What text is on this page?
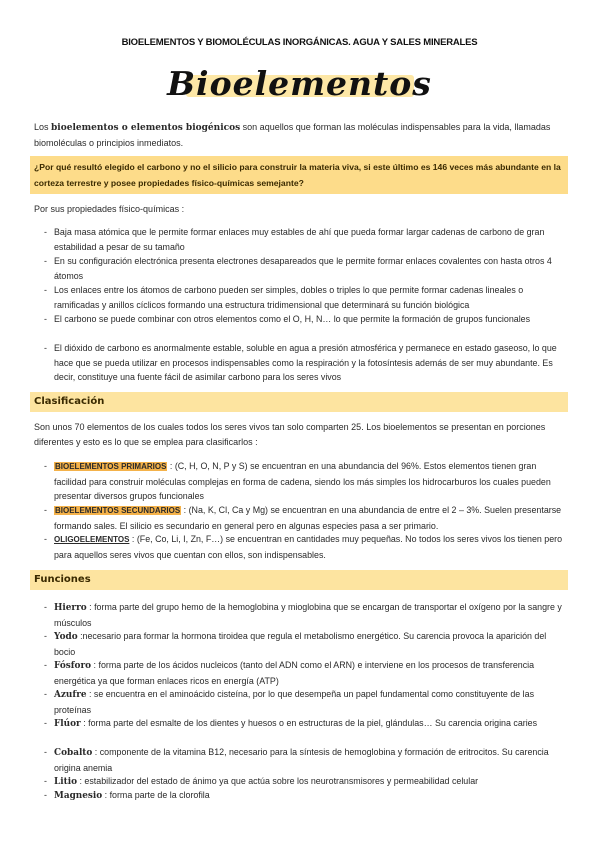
BIOELEMENTOS Y BIOMOLÉCULAS INORGÁNICAS. AGUA Y SALES MINERALES
Bioelementos
Los bioelementos o elementos biogénicos son aquellos que forman las moléculas indispensables para la vida, llamadas biomoléculas o principios inmediatos.
¿Por qué resultó elegido el carbono y no el silicio para construir la materia viva, si este último es 146 veces más abundante en la corteza terrestre y posee propiedades físico-químicas semejante?
Por sus propiedades físico-químicas :
- Baja masa atómica que le permite formar enlaces muy estables de ahí que pueda formar largar cadenas de carbono de gran estabilidad a pesar de su tamaño
- En su configuración electrónica presenta electrones desapareados que le permite formar enlaces covalentes con hasta otros 4 átomos
- Los enlaces entre los átomos de carbono pueden ser simples, dobles o triples lo que permite formar cadenas lineales o ramificadas y anillos cíclicos formando una estructura tridimensional que determinará su función biológica
- El carbono se puede combinar con otros elementos como el O, H, N… lo que permite la formación de grupos funcionales
- El dióxido de carbono es anormalmente estable, soluble en agua a presión atmosférica y permanece en estado gaseoso, lo que hace que se pueda utilizar en procesos indispensables como la respiración y la fotosíntesis además de ser muy abundante. Es decir, constituye una fuente fácil de asimilar carbono para los seres vivos
Clasificación
Son unos 70 elementos de los cuales todos los seres vivos tan solo comparten 25. Los bioelementos se presentan en porciones diferentes y esto es lo que se emplea para clasificarlos :
- BIOELEMENTOS PRIMARIOS : (C, H, O, N, P y S) se encuentran en una abundancia del 96%. Estos elementos tienen gran facilidad para construir moléculas complejas en forma de cadena, siendo los más simples los hidrocarburos los cuales pueden presentar diversos grupos funcionales
- BIOELEMENTOS SECUNDARIOS : (Na, K, Cl, Ca y Mg) se encuentran en una abundancia de entre el 2 – 3%. Suelen presentarse formando sales. El silicio es secundario en general pero en algunas especies pasa a ser primario.
- OLIGOELEMENTOS : (Fe, Co, Li, I, Zn, F…) se encuentran en cantidades muy pequeñas. No todos los seres vivos los tienen pero para aquellos seres vivos que cuentan con ellos, son indispensables.
Funciones
- Hierro : forma parte del grupo hemo de la hemoglobina y mioglobina que se encargan de transportar el oxígeno por la sangre y músculos
- Yodo :necesario para formar la hormona tiroidea que regula el metabolismo energético. Su carencia provoca la aparición del bocio
- Fósforo : forma parte de los ácidos nucleicos (tanto del ADN como el ARN) e interviene en los procesos de transferencia energética ya que forman enlaces ricos en energía (ATP)
- Azufre : se encuentra en el aminoácido cisteína, por lo que desempeña un papel fundamental como constituyente de las proteínas
- Flúor : forma parte del esmalte de los dientes y huesos o en estructuras de la piel, glándulas… Su carencia origina caries
- Cobalto : componente de la vitamina B12, necesario para la síntesis de hemoglobina y formación de eritrocitos. Su carencia origina anemia
- Litio : estabilizador del estado de ánimo ya que actúa sobre los neurotransmisores y permeabilidad celular
- Magnesio : forma parte de la clorofila
